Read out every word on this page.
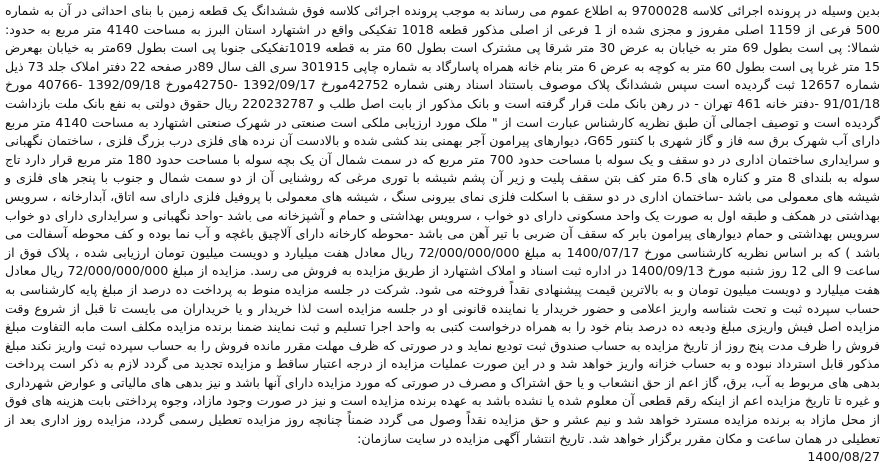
بدین وسیله در پرونده اجرائی کلاسه 9700028 به اطلاع عموم می رساند به موجب پرونده اجرائی کلاسه فوق ششدانگ یک قطعه زمین با بنای احداثی در آن به شماره 500 فرعی از 1159 اصلی مفروز و مجزی شده از 1 فرعی از اصلی مذکور قطعه 1018 تفکیکی واقع در اشتهارد استان البرز به مساحت 4140 متر مربع به حدود: شمالا: پی است بطول 69 متر به خیابان به عرض 30 متر شرقا پی مشترک است بطول 60 متر به قطعه 1019تفکیکی جنوبا پی است بطول 69متر به خیابان بهعرض 15 متر غربا پی است بطول 60 متر به کوچه به عرض 6 متر بنام خانه همراه پاسارگاد به شماره چاپی 301915 سری الف سال 89در صفحه 22 دفتر املاک جلد 73 ذیل شماره 12657 ثبت گردیده است سپس ششدانگ پلاک موصوف باستناد اسناد رهنی شماره 42752مورخ 1392/09/17 -42750مورخ 1392/09/18 -40766 مورخ 91/01/18 -دفتر خانه 461 تهران - در رهن بانک ملت قرار گرفته است و بانک مذکور از بابت اصل طلب و 220232787 ریال حقوق دولتی به نفع بانک ملت بازداشت گردیده است و توصیف اجمالی آن طبق نظریه کارشناس عبارت است از " ملک مورد ارزیابی ملکی است صنعتی در شهرک صنعتی اشتهارد به مساحت 4140 متر مربع دارای آب شهرک برق سه فاز و گاز شهری با کنتور G65، دیوارهای پیرامون آجر بهمنی بند کشی شده و بالادست آن نرده های فلزی درب بزرگ فلزی ، ساختمان نگهبانی و سرایداری ساختمان اداری در دو سقف و یک سوله با مساحت حدود 700 متر مربع که در سمت شمال آن یک بچه سوله با مساحت حدود 180 متر مربع قرار دارد تاج سوله به بلندای 8 متر و کناره های 6.5 متر کف بتن سقف پلیت و زیر آن پشم شیشه با توری مرغی که روشنایی آن از دو سمت شمال و جنوب با پنجر های فلزی و شیشه های معمولی می باشد -ساختمان اداری در دو سقف با اسکلت فلزی نمای بیرونی سنگ ، شیشه های معمولی با پروفیل فلزی دارای سه اتاق، آبدارخانه ، سرویس بهداشتی در همکف و طبقه اول به صورت یک واحد مسکونی دارای دو خواب ، سرویس بهداشتی و حمام و آشپزخانه می باشد -واحد نگهبانی و سرایداری دارای دو خواب سرویس بهداشتی و حمام دیوارهای پیرامون بابر که سقف آن ضربی با تیر آهن می باشد -محوطه کارخانه دارای آلاچیق باغچه و آب نما بوده و کف محوطه آسفالت می باشد ) که بر اساس نظریه کارشناسی مورخ 1400/07/17 به مبلغ 72/000/000/000 ریال معادل هفت میلیارد و دویست میلیون تومان ارزیابی شده ، پلاک فوق از ساعت 9 الی 12 روز شنبه مورخ 1400/09/13 در اداره ثبت اسناد و املاک اشتهارد از طریق مزایده به فروش می رسد. مزایده از مبلغ 72/000/000/000 ریال معادل هفت میلیارد و دویست میلیون تومان و به بالاترین قیمت پیشنهادی نقداً فروخته می شود. شرکت در جلسه مزایده منوط به پرداخت ده درصد از مبلغ پایه کارشناسی به حساب سپرده ثبت و تحت شناسه واریز اعلامی و حضور خریدار یا نماینده قانونی او در جلسه مزایده است لذا خریدار و یا خریداران می بایست تا قبل از شروع وقت مزایده اصل فیش واریزی مبلغ ودیعه ده درصد بنام خود را به همراه درخواست کتبی به واحد اجرا تسلیم و ثبت نمایند ضمنا برنده مزایده مکلف است مابه التفاوت مبلغ فروش را ظرف مدت پنج روز از تاریخ مزایده به حساب صندوق ثبت تودیع نماید و در صورتی که ظرف مهلت مقرر مانده فروش را به حساب سپرده ثبت واریز نکند مبلغ مذکور قابل استرداد نبوده و به حساب خزانه واریز خواهد شد و در این صورت عملیات مزایده از درجه اعتبار ساقط و مزایده تجدید می گردد لازم به ذکر است پرداخت بدهی های مربوط به آب، برق، گاز اعم از حق انشعاب و یا حق اشتراک و مصرف در صورتی که مورد مزایده دارای آنها باشد و نیز بدهی های مالیاتی و عوارض شهرداری و غیره تا تاریخ مزایده اعم از اینکه رقم قطعی آن معلوم شده یا نشده باشد به عهده برنده مزایده است و نیز در صورت وجود مازاد، وجوه پرداختی بابت هزینه های فوق از محل مازاد به برنده مزایده مسترد خواهد شد و نیم عشر و حق مزایده نقداً وصول می گردد ضمناً چنانچه روز مزایده تعطیل رسمی گردد، مزایده روز اداری بعد از تعطیلی در همان ساعت و مکان مقرر برگزار خواهد شد. تاریخ انتشار آگهی مزایده در سایت سازمان:
1400/08/27
